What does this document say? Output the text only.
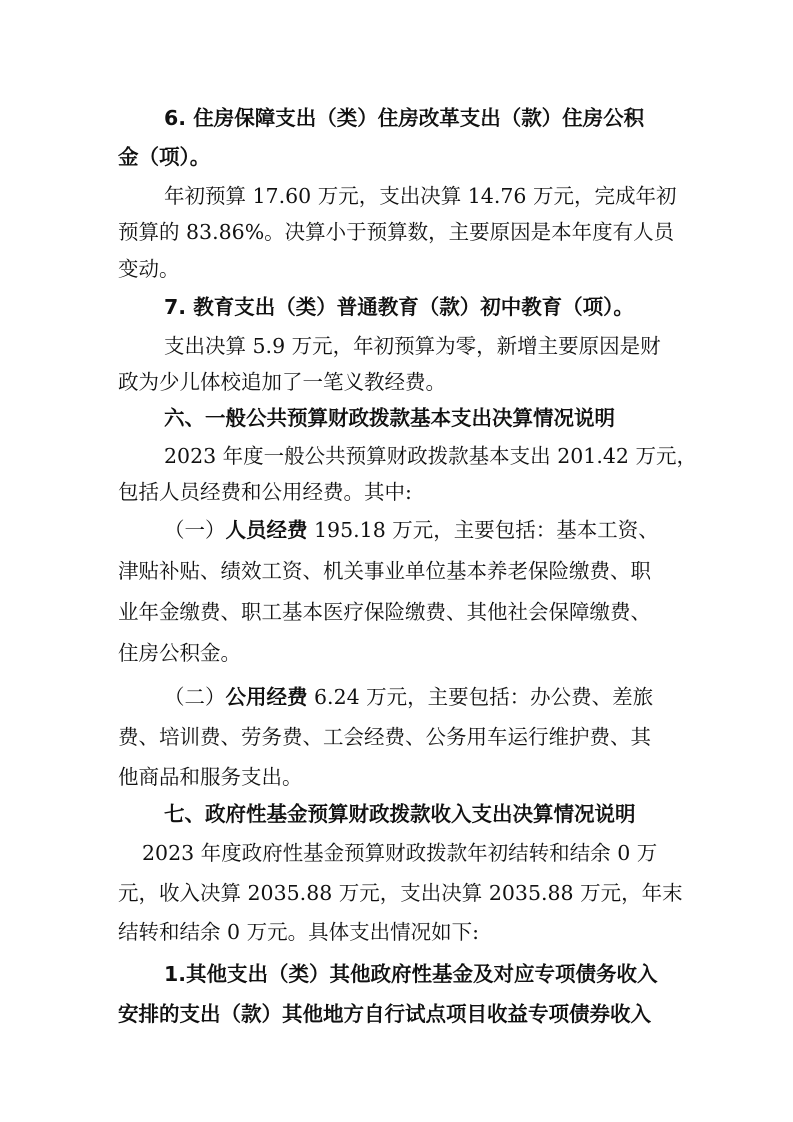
6. 住房保障支出（类）住房改革支出（款）住房公积
金（项）。
年初预算 17.60 万元，支出决算 14.76 万元，完成年初
预算的 83.86%。决算小于预算数，主要原因是本年度有人员
变动。
7. 教育支出（类）普通教育（款）初中教育（项）。
支出决算 5.9 万元，年初预算为零，新增主要原因是财
政为少儿体校追加了一笔义教经费。
六、一般公共预算财政拨款基本支出决算情况说明
2023 年度一般公共预算财政拨款基本支出 201.42 万元，
包括人员经费和公用经费。其中:
（一）人员经费 195.18 万元，主要包括：基本工资、
津贴补贴、绩效工资、机关事业单位基本养老保险缴费、职
业年金缴费、职工基本医疗保险缴费、其他社会保障缴费、
住房公积金。
（二）公用经费 6.24 万元，主要包括：办公费、差旅
费、培训费、劳务费、工会经费、公务用车运行维护费、其
他商品和服务支出。
七、政府性基金预算财政拨款收入支出决算情况说明
2023 年度政府性基金预算财政拨款年初结转和结余 0 万
元，收入决算 2035.88 万元，支出决算 2035.88 万元，年末
结转和结余 0 万元。具体支出情况如下:
1.其他支出（类）其他政府性基金及对应专项债务收入
安排的支出（款）其他地方自行试点项目收益专项债券收入
